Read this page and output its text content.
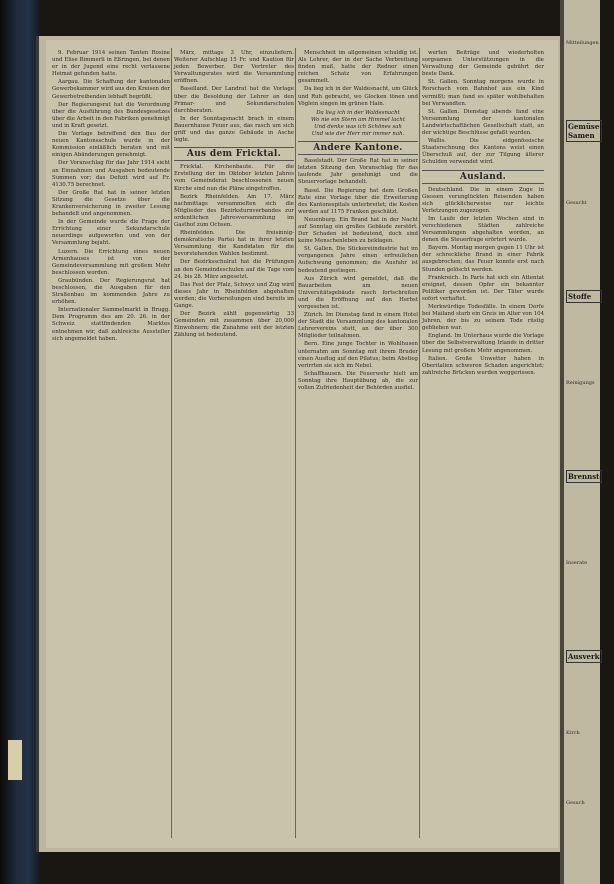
9. Februar 1914 seinen Tanten Rosine und Elise Bimmerli in Eßringen, bei denen er in der Jugend eine recht verlassene Heimat gefunden hatte.

Aargau. Die Schaffung der kantonalen Gewerbekammer wird aus den Kreisen der Gewerbetreibenden lebhaft begrüßt.

Der Regierungsrat hat die Verordnung über die Ausführung des Bundesgesetzes über die Arbeit in den Fabriken genehmigt und in Kraft gesetzt.

Die Vorlage betreffend den Bau der neuen Kantonsschule wurde in der Kommission einläßlich beraten und mit einigen Abänderungen genehmigt.

Der Voranschlag für das Jahr 1914 sieht an Einnahmen und Ausgaben bedeutende Summen vor; das Defizit wird auf Fr. 4130.75 berechnet.

Der Große Rat hat in seiner letzten Sitzung die Gesetze über die Krankenversicherung in zweiter Lesung behandelt und angenommen.

In der Gemeinde wurde die Frage der Errichtung einer Sekundarschule neuerdings aufgeworfen und von der Versammlung bejaht.

Luzern. Die Errichtung eines neuen Armenhauses ist von der Gemeindeversammlung mit großem Mehr beschlossen worden.

Graubünden. Der Regierungsrat hat beschlossen, die Ausgaben für den Straßenbau im kommenden Jahre zu erhöhen.

Internationaler Sammelmarkt in Brugg. Dem Programm des am 20. 26. in der Schweiz stattfindenden Marktes entnehmen wir, daß zahlreiche Aussteller sich angemeldet haben.

März, mittags 3 Uhr, einzuliefern. Weiterer Aufschlag 15 Fr. und Kaution für jeden Bewerber. Der Vertreter des Verwaltungsrates wird die Versammlung eröffnen.

Baselland. Der Landrat hat die Vorlage über die Besoldung der Lehrer an den Primar- und Sekundarschulen durchberaten.

In der Sonntagsnacht brach in einem Bauernhause Feuer aus, das rasch um sich griff und das ganze Gebäude in Asche legte.

Aus dem Fricktal.

Fricktal. Kirchenbaute. Für die Erstellung der im Oktober letzten Jahres vom Gemeinderat beschlossenen neuen Kirche sind nun die Pläne eingetroffen.

Bezirk Rheinfelden. Am 17. März nachmittags versammelten sich die Mitglieder des Bezirksturnverbandes zur ordentlichen Jahresversammlung im Gasthof zum Ochsen.

Rheinfelden. Die freisinnig-demokratische Partei hat in ihrer letzten Versammlung die Kandidaten für die bevorstehenden Wahlen bestimmt.

Der Bezirksschulrat hat die Prüfungen an den Gemeindeschulen auf die Tage vom 24. bis 28. März angesetzt.

Das Fest der Pfalz, Schwyz und Zug wird dieses Jahr in Rheinfelden abgehalten werden; die Vorbereitungen sind bereits im Gange.

Der Bezirk zählt gegenwärtig 33 Gemeinden mit zusammen über 20,000 Einwohnern; die Zunahme seit der letzten Zählung ist bedeutend.

Menschheit im allgemeinen schuldig ist. Als Lehrer, der in der Sache Verbreitung finden muß, hatte der Redner einen reichen Schatz von Erfahrungen gesammelt.

Da lieg ich in der Waldesnacht, um Glück und Ruh gebracht, wo Glocken tönen und Vöglein singen im grünen Hain.

Da lieg ich in der Waldesnacht
Wo nie ein Stern am Himmel lacht
Und denke was ich Schönes sah
Und wie der Herr mir immer nah.
Andere Kantone.

Baselstadt. Der Große Rat hat in seiner letzten Sitzung den Voranschlag für das laufende Jahr genehmigt und die Steuervorlage behandelt.

Basel. Die Regierung hat dem Großen Rate eine Vorlage über die Erweiterung des Kantonsspitals unterbreitet; die Kosten werden auf 1175 Franken geschätzt.

Neuenburg. Ein Brand hat in der Nacht auf Sonntag ein großes Gebäude zerstört. Der Schaden ist bedeutend, doch sind keine Menschenleben zu beklagen.

St. Gallen. Die Stickereiindustrie hat im vergangenen Jahre einen erfreulichen Aufschwung genommen; die Ausfuhr ist bedeutend gestiegen.

Aus Zürich wird gemeldet, daß die Bauarbeiten am neuen Universitätsgebäude rasch fortschreiten und die Eröffnung auf den Herbst vorgesehen ist.

Zürich. Im Dienstag fand in einem Hotel der Stadt die Versammlung des kantonalen Lehrervereins statt, an der über 300 Mitglieder teilnahmen.

Bern. Eine junge Tochter in Wohlhusen unternahm am Sonntag mit ihrem Bruder einen Ausflug auf den Pilatus; beim Abstieg verirrten sie sich im Nebel.

Schaffhausen. Die Feuerwehr hielt am Sonntag ihre Hauptübung ab, die zur vollen Zufriedenheit der Behörden ausfiel.

werten Beiträge und wiederholten sorgsamen Unterstützungen in die Verwaltung der Gemeinde gebührt der beste Dank.

St. Gallen. Sonntag morgens wurde in Rorschach vom Bahnhof aus ein Kind vermißt; man fand es später wohlbehalten bei Verwandten.

St. Gallen. Dienstag abends fand eine Versammlung der kantonalen Landwirtschaftlichen Gesellschaft statt, an der wichtige Beschlüsse gefaßt wurden.

Wallis. Die eidgenössische Staatsrechnung des Kantons weist einen Überschuß auf, der zur Tilgung älterer Schulden verwendet wird.

Ausland.

Deutschland. Die in einem Zuge in Giessen verunglückten Reisenden haben sich glücklicherweise nur leichte Verletzungen zugezogen.

Im Laufe der letzten Wochen sind in verschiedenen Städten zahlreiche Versammlungen abgehalten worden, an denen die Steuerfrage erörtert wurde.

Bayern. Montag morgen gegen 11 Uhr ist der schreckliche Brand in einer Fabrik ausgebrochen; das Feuer konnte erst nach Stunden gelöscht werden.

Frankreich. In Paris hat sich ein Attentat ereignet, dessen Opfer ein bekannter Politiker geworden ist. Der Täter wurde sofort verhaftet.

Merkwürdige Todesfälle. In einem Dorfe bei Mailand starb ein Greis im Alter von 104 Jahren, der bis zu seinem Tode rüstig geblieben war.

England. Im Unterhaus wurde die Vorlage über die Selbstverwaltung Irlands in dritter Lesung mit großem Mehr angenommen.

Italien. Große Unwetter haben in Oberitalien schweren Schaden angerichtet; zahlreiche Brücken wurden weggerissen.

Mitteilungen
Gemüse-Samen
Gesucht
Stoffe
Reinigungs
Brennstoffe
Inserate
Ausverkauf
Kirch
Gesuch
